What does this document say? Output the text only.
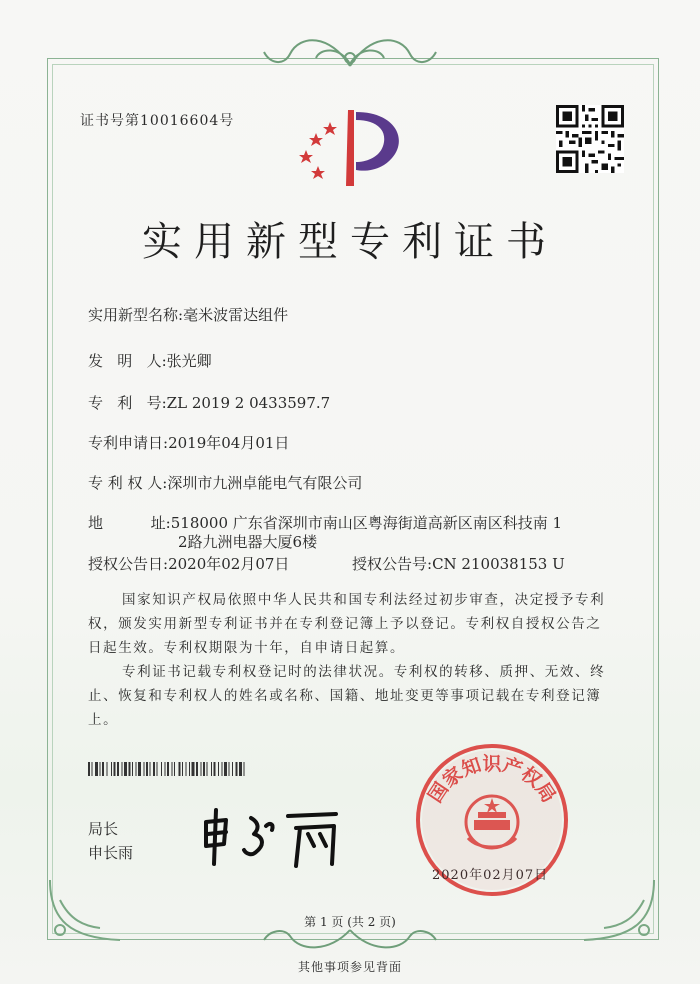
证书号第10016604号
实用新型专利证书
实用新型名称:毫米波雷达组件
发   明   人:张光卿
专   利   号:ZL 2019 2 0433597.7
专利申请日:2019年04月01日
专 利 权 人:深圳市九洲卓能电气有限公司
地          址:518000 广东省深圳市南山区粤海街道高新区南区科技南 1
2路九洲电器大厦6楼
授权公告日:2020年02月07日	授权公告号:CN 210038153 U

国家知识产权局依照中华人民共和国专利法经过初步审查，决定授予专利权，颁发实用新型专利证书并在专利登记簿上予以登记。专利权自授权公告之日起生效。专利权期限为十年，自申请日起算。

专利证书记载专利权登记时的法律状况。专利权的转移、质押、无效、终止、恢复和专利权人的姓名或名称、国籍、地址变更等事项记载在专利登记簿上。

局长
申长雨
国家知识产权局
2020年02月07日
第 1 页 (共 2 页)
其他事项参见背面
